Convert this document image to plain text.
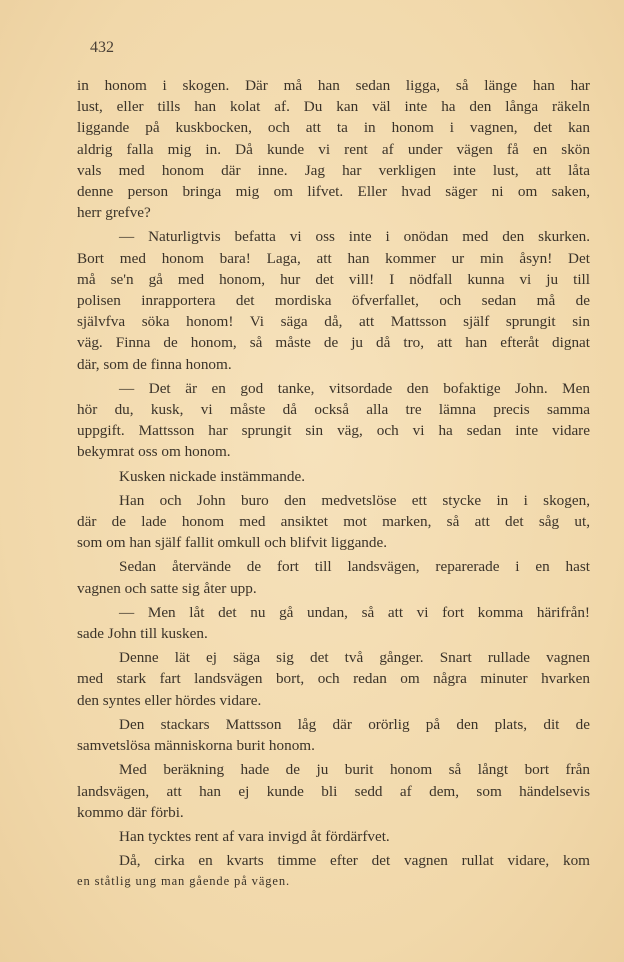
432
in honom i skogen. Där må han sedan ligga, så länge han har
lust, eller tills han kolat af. Du kan väl inte ha den långa räkeln
liggande på kuskbocken, och att ta in honom i vagnen, det kan
aldrig falla mig in. Då kunde vi rent af under vägen få en skön
vals med honom där inne. Jag har verkligen inte lust, att låta
denne person bringa mig om lifvet. Eller hvad säger ni om saken,
herr grefve?
— Naturligtvis befatta vi oss inte i onödan med den skurken.
Bort med honom bara! Laga, att han kommer ur min åsyn! Det
må se'n gå med honom, hur det vill! I nödfall kunna vi ju till
polisen inrapportera det mordiska öfverfallet, och sedan må de
självfva söka honom! Vi säga då, att Mattsson själf sprungit sin
väg. Finna de honom, så måste de ju då tro, att han efteråt dignat
där, som de finna honom.
— Det är en god tanke, vitsordade den bofaktige John. Men
hör du, kusk, vi måste då också alla tre lämna precis samma
uppgift. Mattsson har sprungit sin väg, och vi ha sedan inte vidare
bekymrat oss om honom.
Kusken nickade instämmande.
Han och John buro den medvetslöse ett stycke in i skogen,
där de lade honom med ansiktet mot marken, så att det såg ut,
som om han själf fallit omkull och blifvit liggande.
Sedan återvände de fort till landsvägen, reparerade i en hast
vagnen och satte sig åter upp.
— Men låt det nu gå undan, så att vi fort komma härifrån!
sade John till kusken.
Denne lät ej säga sig det två gånger. Snart rullade vagnen
med stark fart landsvägen bort, och redan om några minuter hvarken
den syntes eller hördes vidare.
Den stackars Mattsson låg där orörlig på den plats, dit de
samvetslösa människorna burit honom.
Med beräkning hade de ju burit honom så långt bort från
landsvägen, att han ej kunde bli sedd af dem, som händelsevis
kommo där förbi.
Han tycktes rent af vara invigd åt fördärfvet.
Då, cirka en kvarts timme efter det vagnen rullat vidare, kom
en ståtlig ung man gående på vägen.
